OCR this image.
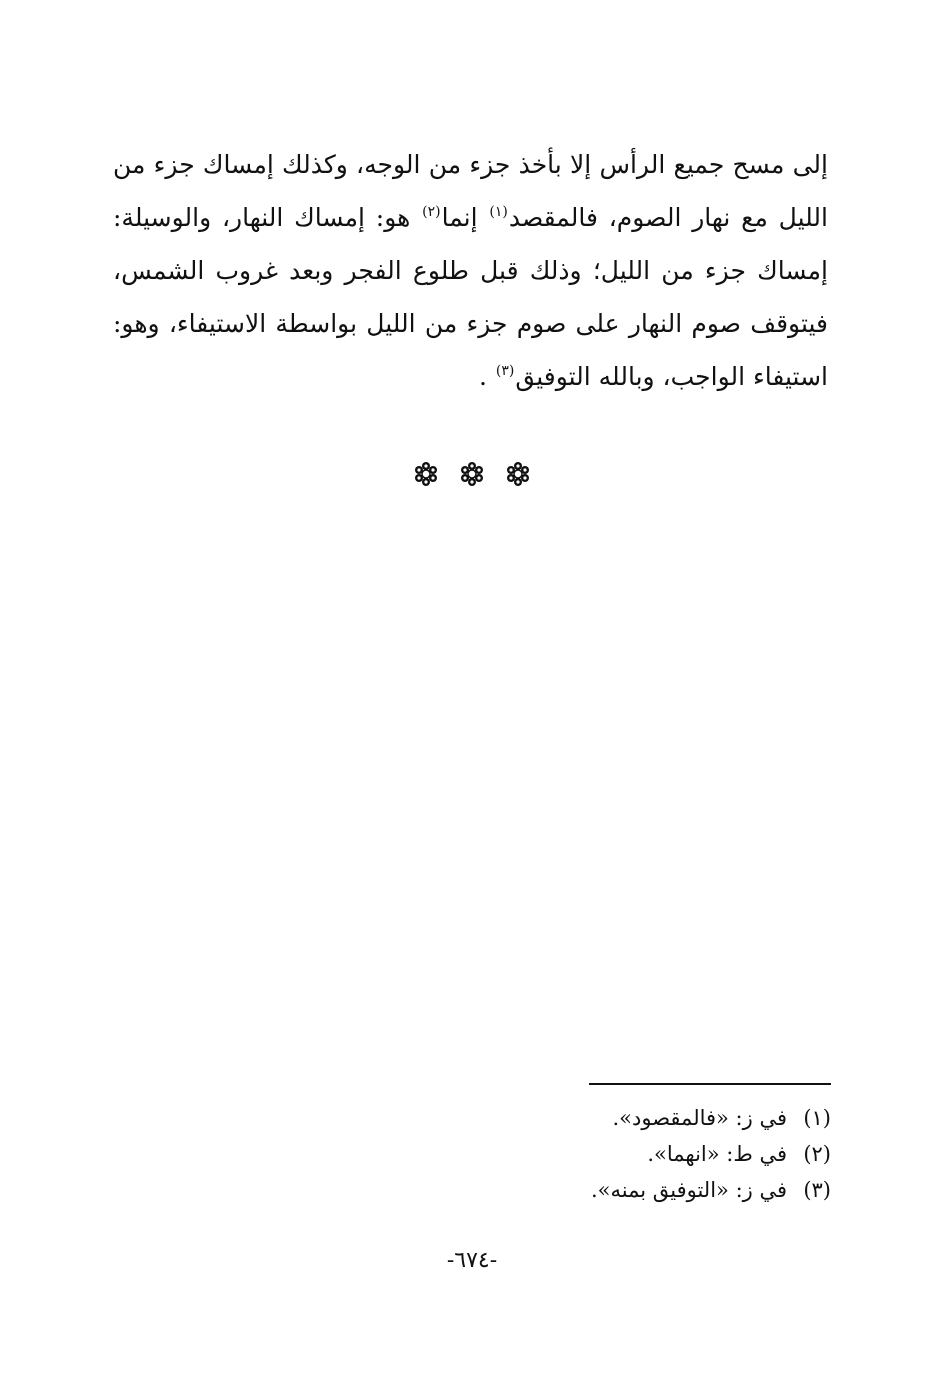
إلى مسح جميع الرأس إلا بأخذ جزء من الوجه، وكذلك إمساك جزء من
الليل مع نهار الصوم، فالمقصد$^{(١)}$ إنما$^{(٢)}$ هو: إمساك النهار، والوسيلة:
إمساك جزء من الليل؛ وذلك قبل طلوع الفجر وبعد غروب الشمس،
فيتوقف صوم النهار على صوم جزء من الليل بواسطة الاستيفاء، وهو:
استيفاء الواجب، وبالله التوفيق$^{(٣)}$ .
(١)
في ز: «فالمقصود».
(٢)
في ط: «انهما».
(٣)
في ز: «التوفيق بمنه».
-٦٧٤-
